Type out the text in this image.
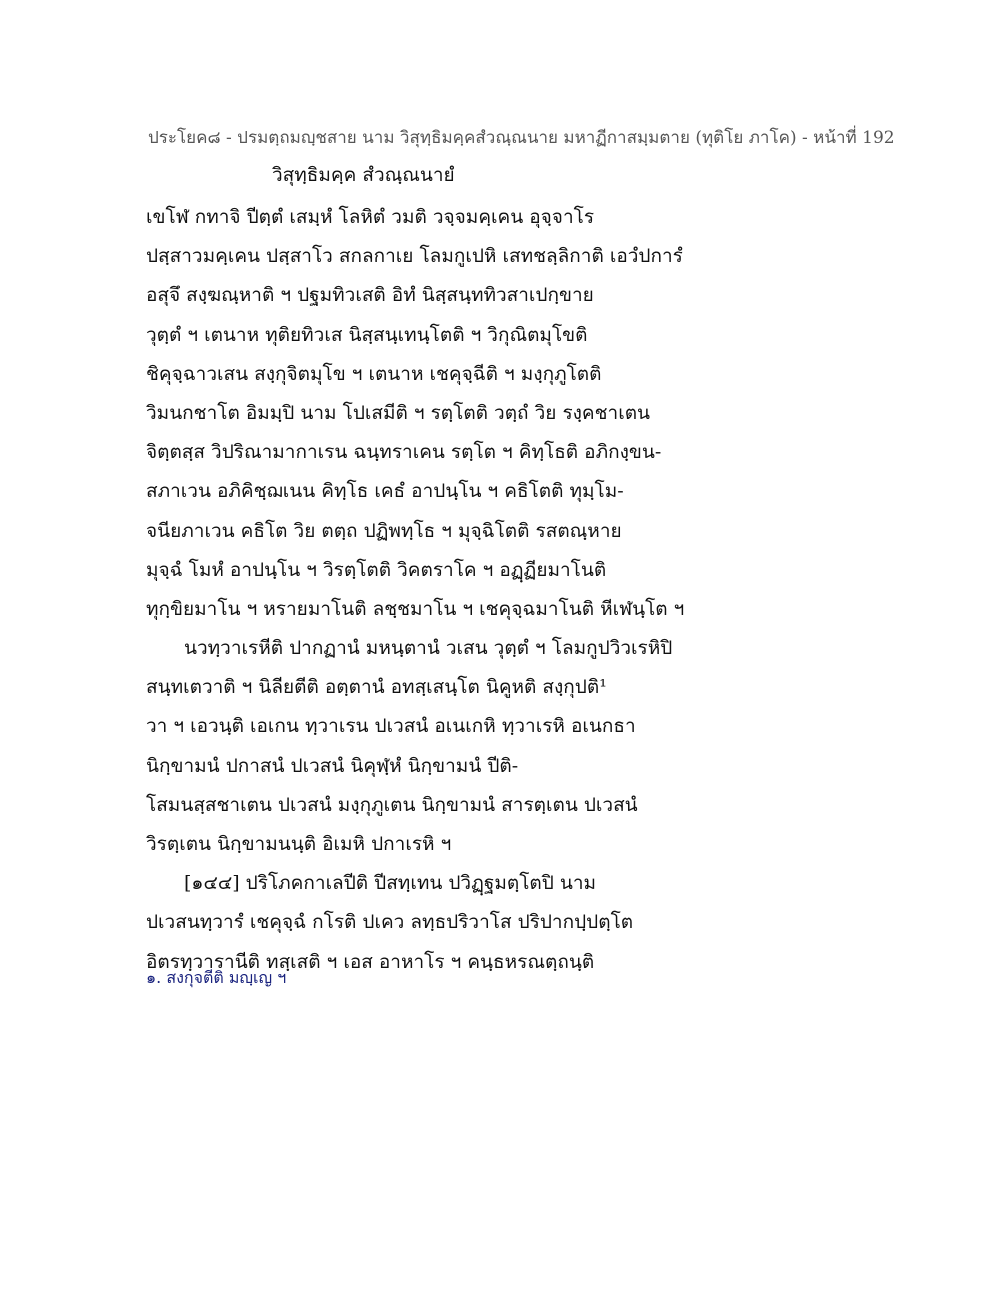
ประโยค๘ - ปรมตฺถมญฺชสาย นาม วิสุทฺธิมคฺคสํวณฺณนาย มหาฏีกาสมฺมตาย (ทุติโย ภาโค) - หน้าที่ 192
วิสุทฺธิมคฺค สํวณฺณนายํ
เขโฬ กทาจิ ปีตฺตํ เสมฺหํ โลหิตํ วมติ วจฺจมคฺเคน อุจฺจาโร
ปสฺสาวมคฺเคน ปสฺสาโว สกลกาเย โลมกูเปหิ เสทชลฺลิกาติ เอวํปการํ
อสุจึ สงฺฆณฺหาติ ฯ ปฐมทิวเสติ อิทํ นิสฺสนฺททิวสาเปกฺขาย
วุตฺตํ ฯ เตนาห ทุติยทิวเส นิสฺสนฺเทนฺโตติ ฯ วิกุณิตมุโขติ
ชิคุจฺฉาวเสน สงฺกุจิตมุโข ฯ เตนาห เชคุจฺฉีติ ฯ มงฺกุภูโตติ
วิมนกชาโต อิมมฺปิ นาม โปเสมีติ ฯ รตฺโตติ วตฺถํ วิย รงฺคชาเตน
จิตฺตสฺส วิปริณามากาเรน ฉนฺทราเคน รตฺโต ฯ คิทฺโธติ อภิกงฺขน-
สภาเวน อภิคิชฺฌเนน คิทฺโธ เคธํ อาปนฺโน ฯ คธิโตติ ทุมฺโม-
จนียภาเวน คธิโต วิย ตตฺถ ปฏิพทฺโธ ฯ มุจฺฉิโตติ รสตณฺหาย
มุจฺฉํ โมหํ อาปนฺโน ฯ วิรตฺโตติ วิคตราโค ฯ อฏฺฏียมาโนติ
ทุกฺขิยมาโน ฯ หรายมาโนติ ลชฺชมาโน ฯ เชคุจฺฉมาโนติ หีเฬนฺโต ฯ
นวทฺวาเรหีติ ปากฏานํ มหนฺตานํ วเสน วุตฺตํ ฯ โลมกูปวิวเรหิปิ
สนฺทเตวาติ ฯ นิลียตีติ อตฺตานํ อทสฺเสนฺโต นิคูหติ สงฺกุปติ¹
วา ฯ เอวนฺติ เอเกน ทฺวาเรน ปเวสนํ อเนเกหิ ทฺวาเรหิ อเนกธา
นิกฺขามนํ ปกาสนํ ปเวสนํ นิคุฬฺหํ นิกฺขามนํ ปีติ-
โสมนสฺสชาเตน ปเวสนํ มงฺกุภูเตน นิกฺขามนํ สารตฺเตน ปเวสนํ
วิรตฺเตน นิกฺขามนนฺติ อิเมหิ ปกาเรหิ ฯ
[๑๔๔] ปริโภคกาเลปีติ ปีสทฺเทน ปวิฏฺฐมตฺโตปิ นาม
ปเวสนทฺวารํ เชคุจฺฉํ กโรติ ปเคว ลทฺธปริวาโส ปริปากปฺปตฺโต
อิตรทฺวารานีติ ทสฺเสติ ฯ เอส อาหาโร ฯ คนฺธหรณตฺถนฺติ
๑. สงกุจตีติ มญฺเญ ฯ
